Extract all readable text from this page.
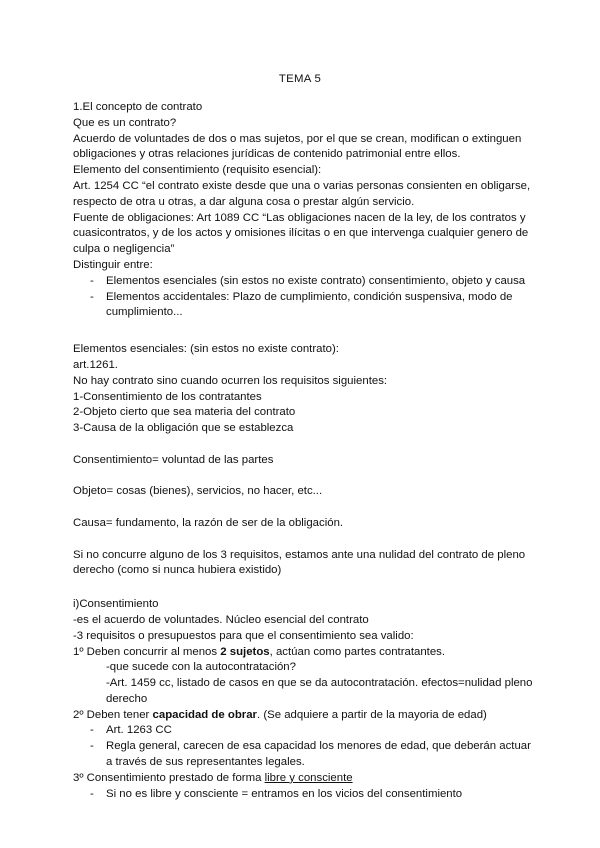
TEMA 5
1.El concepto de contrato
Que es un contrato?
Acuerdo de voluntades de dos o mas sujetos, por el que se crean, modifican o extinguen
obligaciones y otras relaciones jurídicas de contenido patrimonial entre ellos.
Elemento del consentimiento (requisito esencial):
Art. 1254 CC “el contrato existe desde que una o varias personas consienten en obligarse,
respecto de otra u otras, a dar alguna cosa o prestar algún servicio.
Fuente de obligaciones: Art 1089 CC “Las obligaciones nacen de la ley, de los contratos y
cuasicontratos, y de los actos y omisiones ilícitas o en que intervenga cualquier genero de
culpa o negligencia”
Distinguir entre:
- Elementos esenciales (sin estos no existe contrato) consentimiento, objeto y causa
- Elementos accidentales: Plazo de cumplimiento, condición suspensiva, modo de
cumplimiento...
Elementos esenciales: (sin estos no existe contrato):
art.1261.
No hay contrato sino cuando ocurren los requisitos siguientes:
1-Consentimiento de los contratantes
2-Objeto cierto que sea materia del contrato
3-Causa de la obligación que se establezca
Consentimiento= voluntad de las partes
Objeto= cosas (bienes), servicios, no hacer, etc...
Causa= fundamento, la razón de ser de la obligación.
Si no concurre alguno de los 3 requisitos, estamos ante una nulidad del contrato de pleno
derecho (como si nunca hubiera existido)
i)Consentimiento
-es el acuerdo de voluntades. Núcleo esencial del contrato
-3 requisitos o presupuestos para que el consentimiento sea valido:
1º Deben concurrir al menos 2 sujetos, actúan como partes contratantes.
-que sucede con la autocontratación?
-Art. 1459 cc, listado de casos en que se da autocontratación. efectos=nulidad pleno
derecho
2º Deben tener capacidad de obrar. (Se adquiere a partir de la mayoria de edad)
- Art. 1263 CC
- Regla general, carecen de esa capacidad los menores de edad, que deberán actuar
a través de sus representantes legales.
3º Consentimiento prestado de forma libre y consciente
- Si no es libre y consciente = entramos en los vicios del consentimiento
